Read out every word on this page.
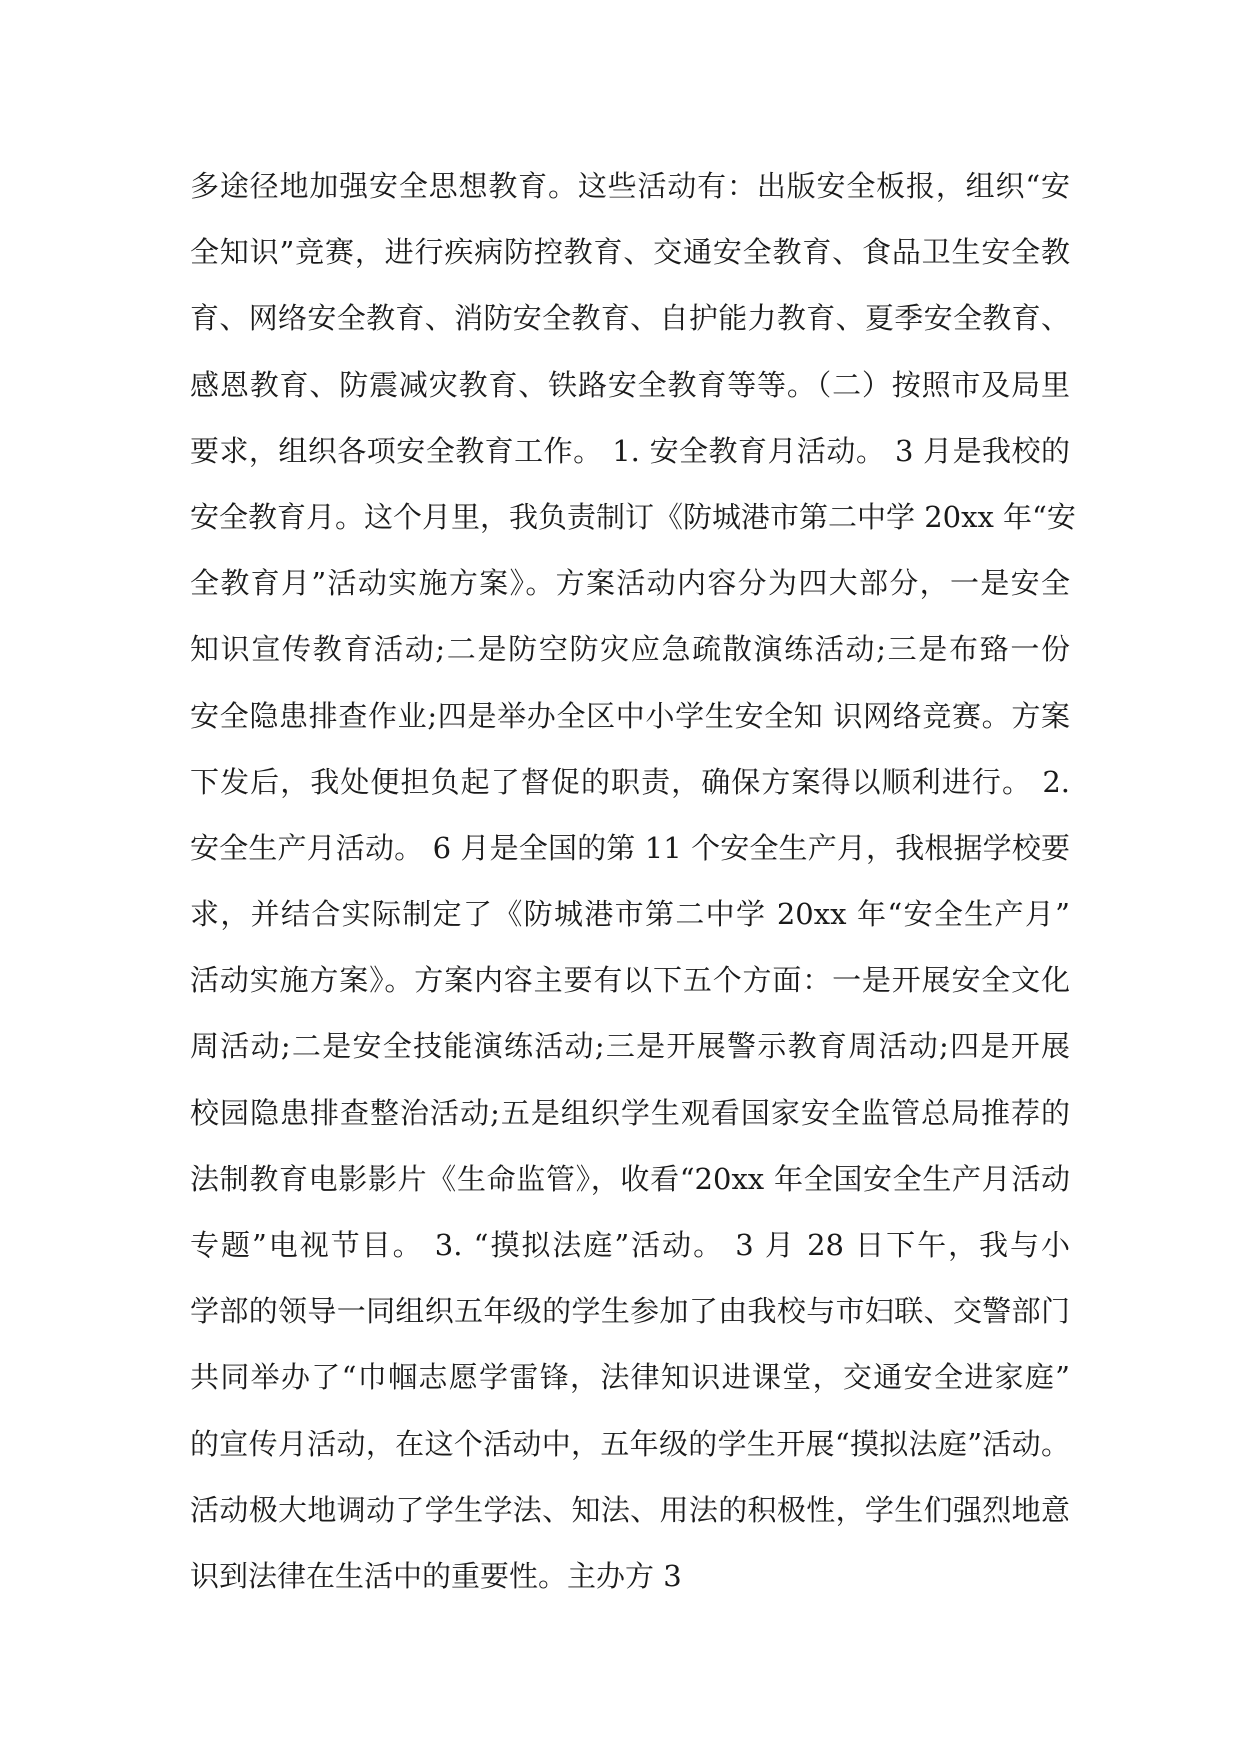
多途径地加强安全思想教育。这些活动有：出版安全板报，组织“安
全知识”竞赛，进行疾病防控教育、交通安全教育、食品卫生安全教
育、网络安全教育、消防安全教育、自护能力教育、夏季安全教育、
感恩教育、防震减灾教育、铁路安全教育等等。（二）按照市及局里
要求，组织各项安全教育工作。 1. 安全教育月活动。 3 月是我校的
安全教育月。这个月里，我负责制订《防城港市第二中学 20xx 年“安
全教育月”活动实施方案》。方案活动内容分为四大部分，一是安全
知识宣传教育活动;二是防空防灾应急疏散演练活动;三是布臵一份
安全隐患排查作业;四是举办全区中小学生安全知 识网络竞赛。方案
下发后，我处便担负起了督促的职责，确保方案得以顺利进行。 2.
安全生产月活动。 6 月是全国的第 11 个安全生产月，我根据学校要
求，并结合实际制定了《防城港市第二中学 20xx 年“安全生产月”
活动实施方案》。方案内容主要有以下五个方面：一是开展安全文化
周活动;二是安全技能演练活动;三是开展警示教育周活动;四是开展
校园隐患排查整治活动;五是组织学生观看国家安全监管总局推荐的
法制教育电影影片《生命监管》，收看“20xx 年全国安全生产月活动
专题”电视节目。 3. “摸拟法庭”活动。 3 月 28 日下午，我与小
学部的领导一同组织五年级的学生参加了由我校与市妇联、交警部门
共同举办了“巾帼志愿学雷锋，法律知识进课堂，交通安全进家庭”
的宣传月活动，在这个活动中，五年级的学生开展“摸拟法庭”活动。
活动极大地调动了学生学法、知法、用法的积极性，学生们强烈地意
识到法律在生活中的重要性。主办方 3
